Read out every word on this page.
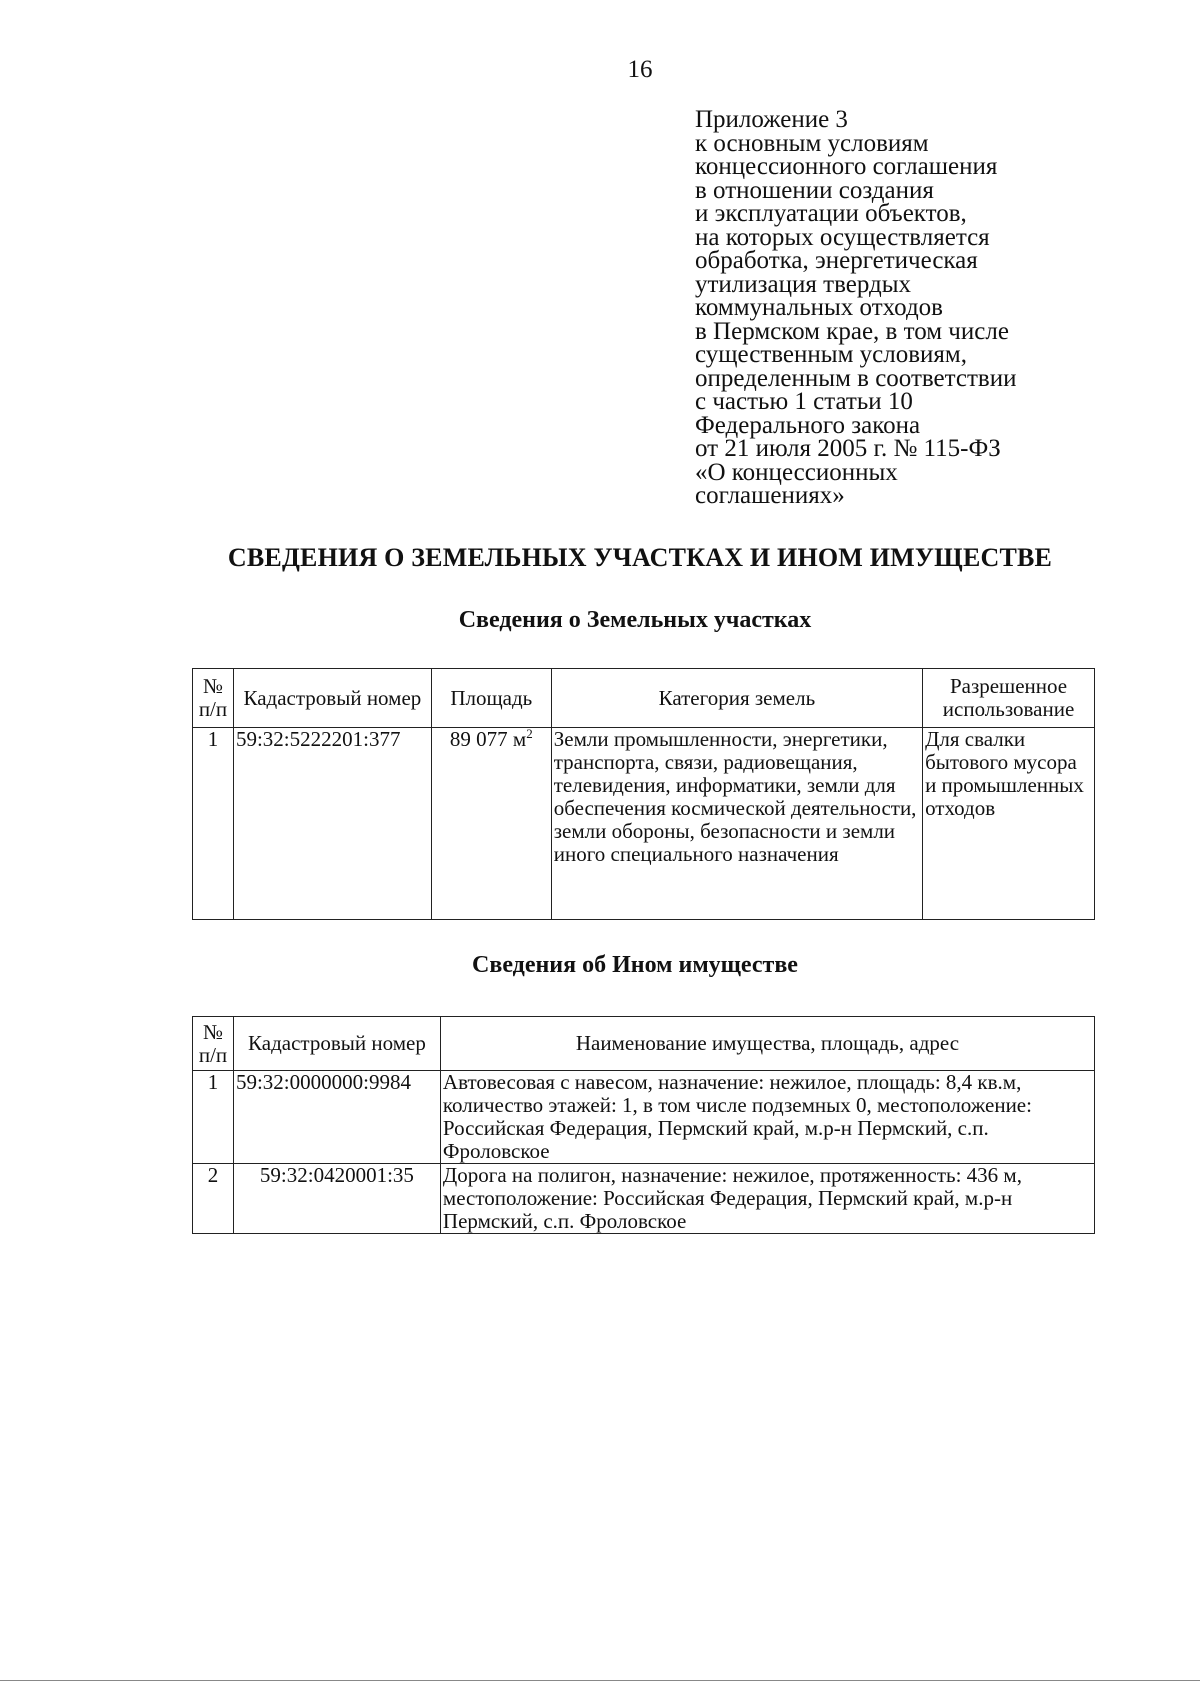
16
Приложение 3
к основным условиям
концессионного соглашения
в отношении создания
и эксплуатации объектов,
на которых осуществляется
обработка, энергетическая
утилизация твердых
коммунальных отходов
в Пермском крае, в том числе
существенным условиям,
определенным в соответствии
с частью 1 статьи 10
Федерального закона
от 21 июля 2005 г. № 115-ФЗ
«О концессионных
соглашениях»
СВЕДЕНИЯ О ЗЕМЕЛЬНЫХ УЧАСТКАХ И ИНОМ ИМУЩЕСТВЕ
Сведения о Земельных участках
№ п/п	Кадастровый номер	Площадь	Категория земель	Разрешенное использование
1	59:32:5222201:377	89 077 $м^2$	Земли промышленности, энергетики, транспорта, связи, радиовещания, телевидения, информатики, земли для обеспечения космической деятельности, земли обороны, безопасности и земли иного специального назначения	Для свалки бытового мусора и промышленных отходов
Сведения об Ином имуществе
№ п/п	Кадастровый номер	Наименование имущества, площадь, адрес
1	59:32:0000000:9984	Автовесовая с навесом, назначение: нежилое, площадь: 8,4 кв.м, количество этажей: 1, в том числе подземных 0, местоположение: Российская Федерация, Пермский край, м.р-н Пермский, с.п. Фроловское
2	59:32:0420001:35	Дорога на полигон, назначение: нежилое, протяженность: 436 м, местоположение: Российская Федерация, Пермский край, м.р-н Пермский, с.п. Фроловское
